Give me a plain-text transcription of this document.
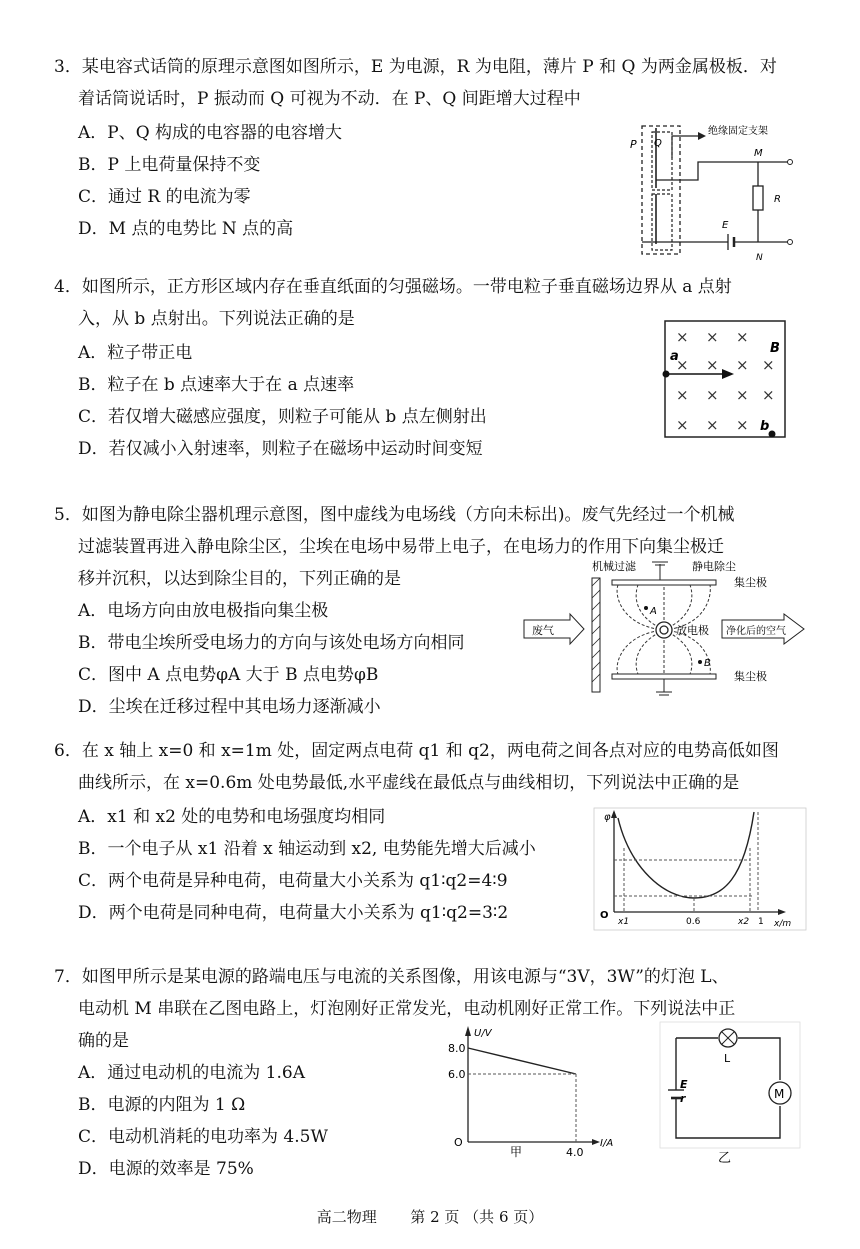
3．某电容式话筒的原理示意图如图所示，E 为电源，R 为电阻，薄片 P 和 Q 为两金属极板．对
着话筒说话时，P 振动而 Q 可视为不动．在 P、Q 间距增大过程中
A．P、Q 构成的电容器的电容增大
B．P 上电荷量保持不变
C．通过 R 的电流为零
D．M 点的电势比 N 点的高
绝缘固定支架
P Q
M
R
E
N
4．如图所示，正方形区域内存在垂直纸面的匀强磁场。一带电粒子垂直磁场边界从 a 点射
入，从 b 点射出。下列说法正确的是
A．粒子带正电
B．粒子在 b 点速率大于在 a 点速率
C．若仅增大磁感应强度，则粒子可能从 b 点左侧射出
D．若仅减小入射速率，则粒子在磁场中运动时间变短
× × ×
× × × ×
× × × ×
× × ×
a
B
b
5．如图为静电除尘器机理示意图，图中虚线为电场线（方向未标出)。废气先经过一个机械
过滤装置再进入静电除尘区，尘埃在电场中易带上电子，在电场力的作用下向集尘极迁
移并沉积，以达到除尘目的，下列正确的是
A．电场方向由放电极指向集尘极
B．带电尘埃所受电场力的方向与该处电场方向相同
C．图中 A 点电势φA 大于 B 点电势φB
D．尘埃在迁移过程中其电场力逐渐减小
机械过滤	静电除尘
集尘极
集尘极
放电极
A
B
废气	净化后的空气
6．在 x 轴上 x=0 和 x=1m 处，固定两点电荷 q1 和 q2，两电荷之间各点对应的电势高低如图
曲线所示，在 x=0.6m 处电势最低,水平虚线在最低点与曲线相切，下列说法中正确的是
A．x1 和 x2 处的电势和电场强度均相同
B．一个电子从 x1 沿着 x 轴运动到 x2, 电势能先增大后减小
C．两个电荷是异种电荷，电荷量大小关系为 q1∶q2=4∶9
D．两个电荷是同种电荷，电荷量大小关系为 q1∶q2=3∶2
φ
O
x1	0.6	x2 1 x/m
7．如图甲所示是某电源的路端电压与电流的关系图像，用该电源与“3V，3W”的灯泡 L、
电动机 M 串联在乙图电路上，灯泡刚好正常发光，电动机刚好正常工作。下列说法中正
确的是
A．通过电动机的电流为 1.6A
B．电源的内阻为 1 Ω
C．电动机消耗的电功率为 4.5W
D．电源的效率是 75%
U/V
8.0
6.0
O
4.0
I/A
甲
L
E
r	M
乙
高二物理 第 2 页 （共 6 页）
